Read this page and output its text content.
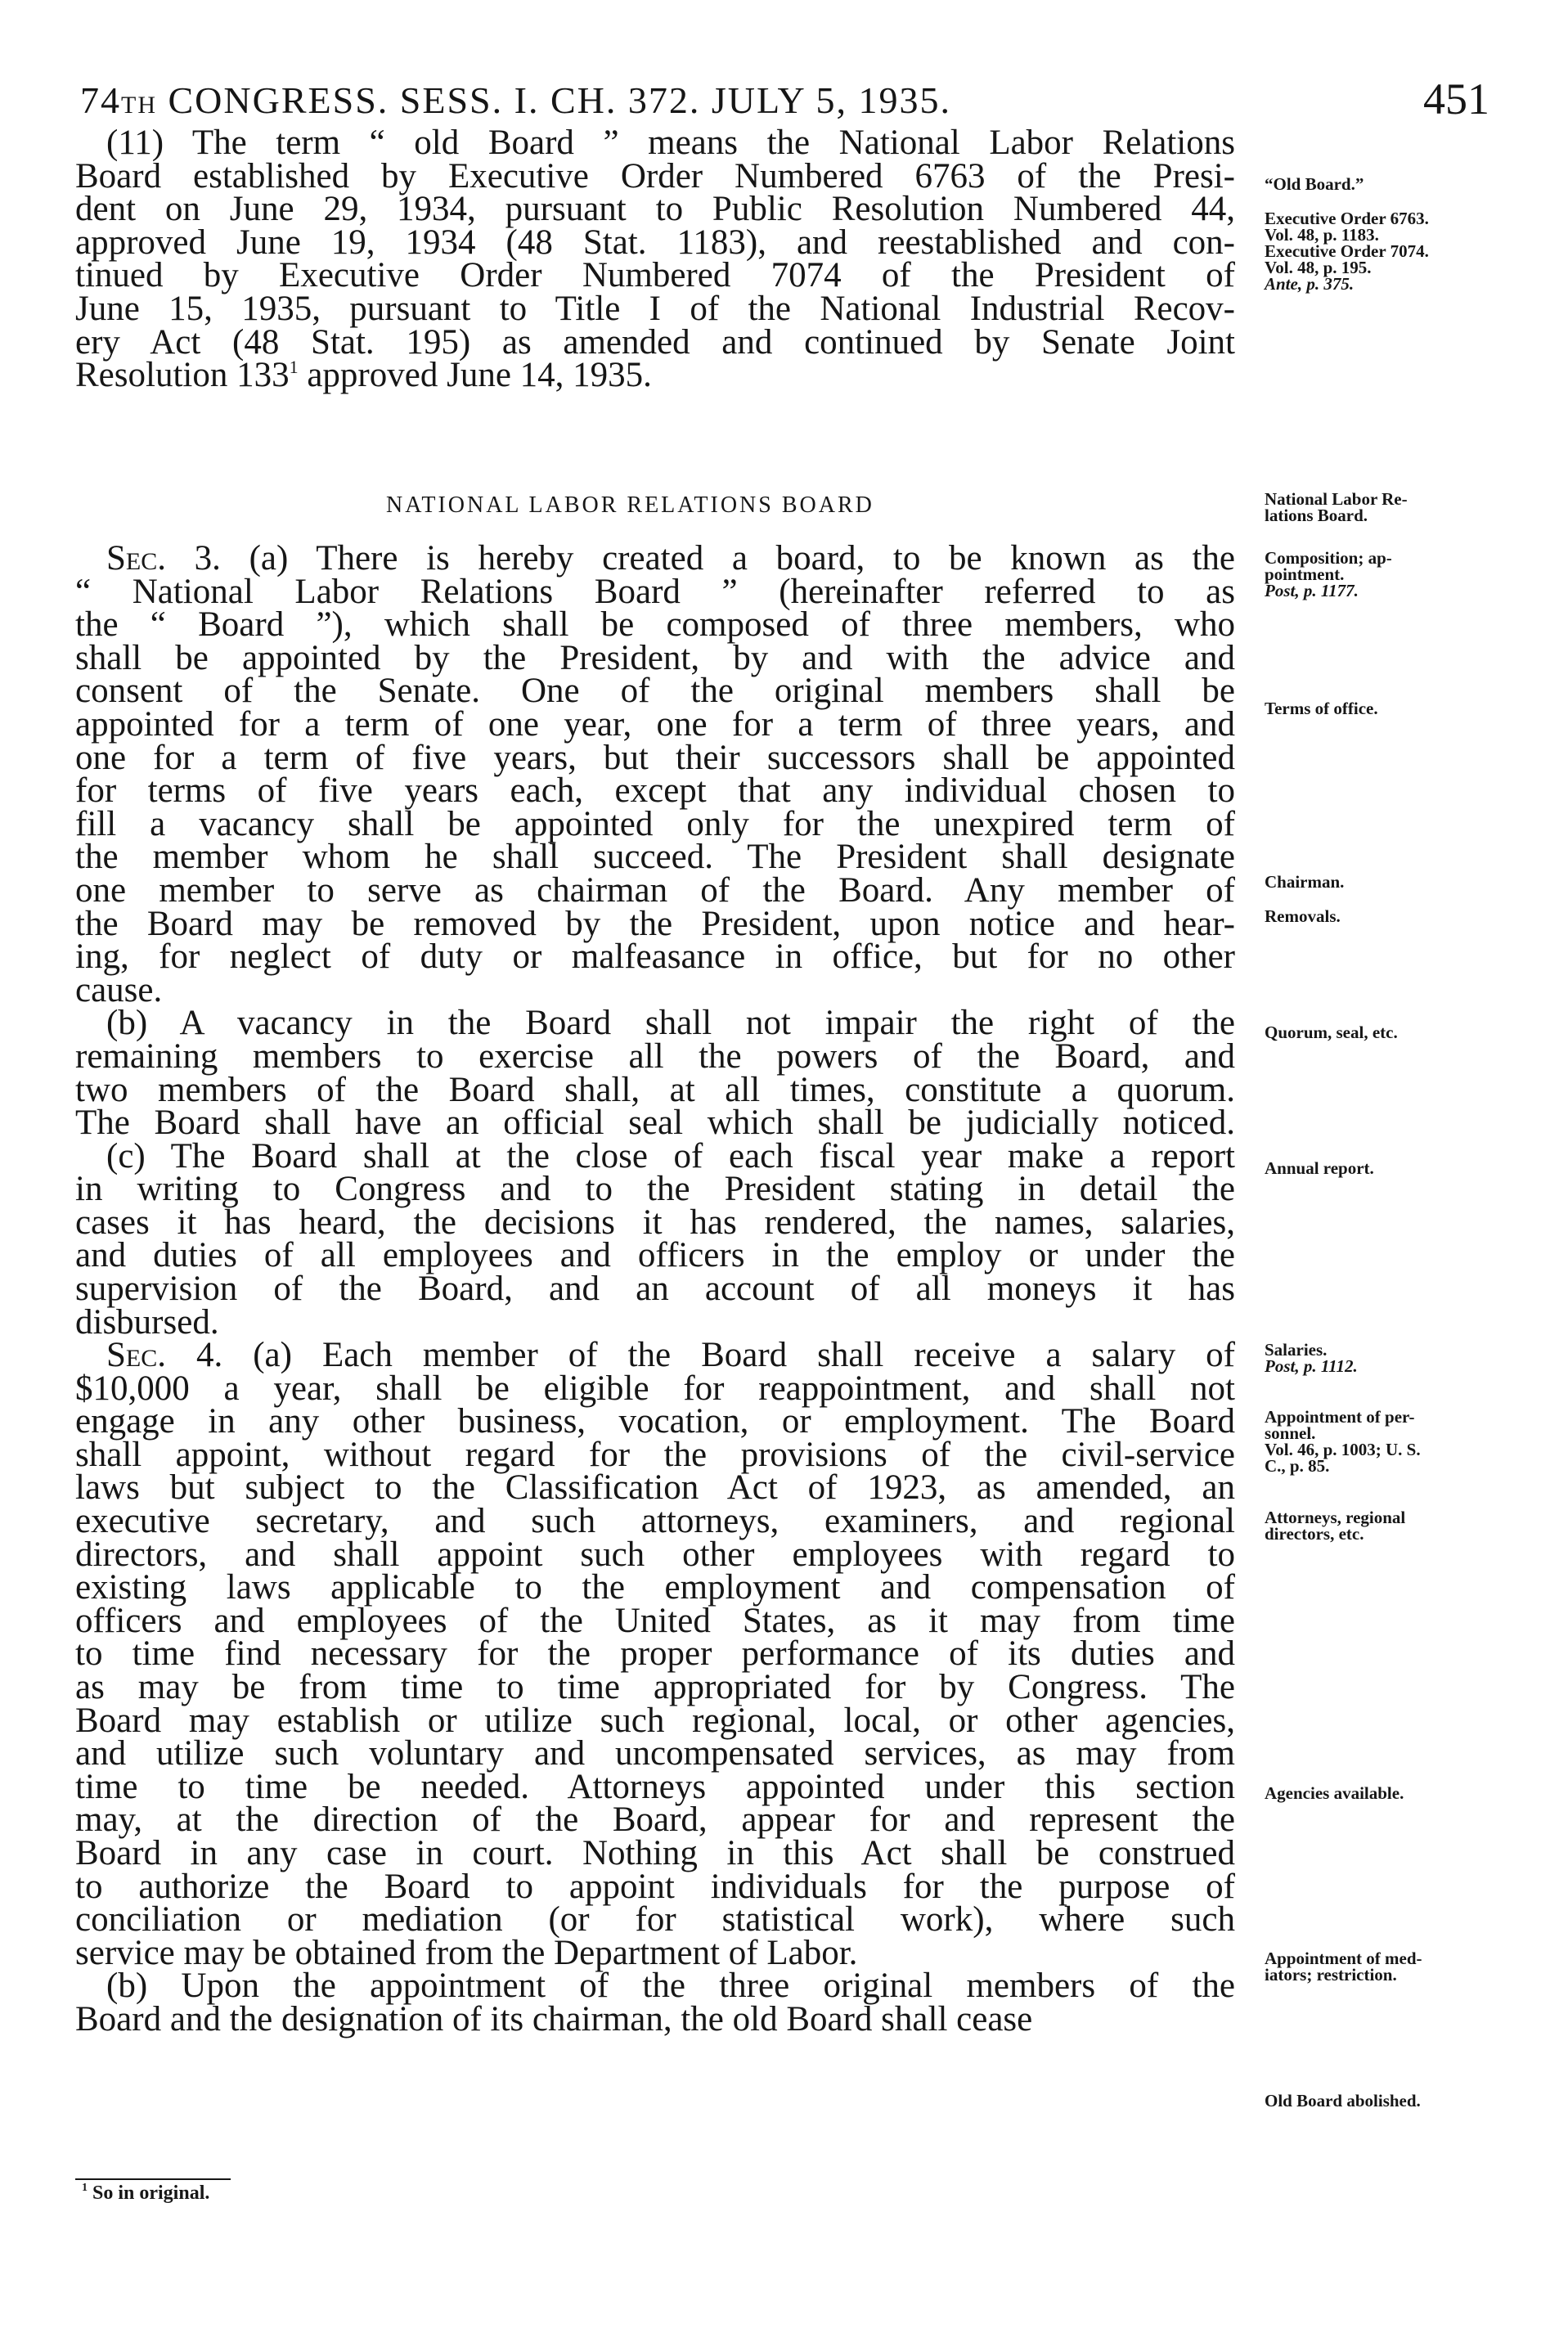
74TH CONGRESS. SESS. I. CH. 372. JULY 5, 1935.	451
(11) The term “ old Board ” means the National Labor Relations
Board established by Executive Order Numbered 6763 of the Presi-
dent on June 29, 1934, pursuant to Public Resolution Numbered 44,
approved June 19, 1934 (48 Stat. 1183), and reestablished and con-
tinued by Executive Order Numbered 7074 of the President of
June 15, 1935, pursuant to Title I of the National Industrial Recov-
ery Act (48 Stat. 195) as amended and continued by Senate Joint
Resolution $133^1$ approved June 14, 1935.
NATIONAL LABOR RELATIONS BOARD
Sec. 3. (a) There is hereby created a board, to be known as the
“ National Labor Relations Board ” (hereinafter referred to as
the “ Board ”), which shall be composed of three members, who
shall be appointed by the President, by and with the advice and
consent of the Senate. One of the original members shall be
appointed for a term of one year, one for a term of three years, and
one for a term of five years, but their successors shall be appointed
for terms of five years each, except that any individual chosen to
fill a vacancy shall be appointed only for the unexpired term of
the member whom he shall succeed. The President shall designate
one member to serve as chairman of the Board. Any member of
the Board may be removed by the President, upon notice and hear-
ing, for neglect of duty or malfeasance in office, but for no other
cause.
(b) A vacancy in the Board shall not impair the right of the
remaining members to exercise all the powers of the Board, and
two members of the Board shall, at all times, constitute a quorum.
The Board shall have an official seal which shall be judicially noticed.
(c) The Board shall at the close of each fiscal year make a report
in writing to Congress and to the President stating in detail the
cases it has heard, the decisions it has rendered, the names, salaries,
and duties of all employees and officers in the employ or under the
supervision of the Board, and an account of all moneys it has
disbursed.
Sec. 4. (a) Each member of the Board shall receive a salary of
$10,000 a year, shall be eligible for reappointment, and shall not
engage in any other business, vocation, or employment. The Board
shall appoint, without regard for the provisions of the civil-service
laws but subject to the Classification Act of 1923, as amended, an
executive secretary, and such attorneys, examiners, and regional
directors, and shall appoint such other employees with regard to
existing laws applicable to the employment and compensation of
officers and employees of the United States, as it may from time
to time find necessary for the proper performance of its duties and
as may be from time to time appropriated for by Congress. The
Board may establish or utilize such regional, local, or other agencies,
and utilize such voluntary and uncompensated services, as may from
time to time be needed. Attorneys appointed under this section
may, at the direction of the Board, appear for and represent the
Board in any case in court. Nothing in this Act shall be construed
to authorize the Board to appoint individuals for the purpose of
conciliation or mediation (or for statistical work), where such
service may be obtained from the Department of Labor.
(b) Upon the appointment of the three original members of the
Board and the designation of its chairman, the old Board shall cease
“Old Board.”
Executive Order 6763.
Vol. 48, p. 1183.
Executive Order 7074.
Vol. 48, p. 195.
Ante, p. 375.
National Labor Re-
lations Board.
Composition; ap-
pointment.
Post, p. 1177.
Terms of office.
Chairman.
Removals.
Quorum, seal, etc.
Annual report.
Salaries.
Post, p. 1112.
Appointment of per-
sonnel.
Vol. 46, p. 1003; U. S.
C., p. 85.
Attorneys, regional
directors, etc.
Agencies available.
Appointment of med-
iators; restriction.
Old Board abolished.
$^1$ So in original.
